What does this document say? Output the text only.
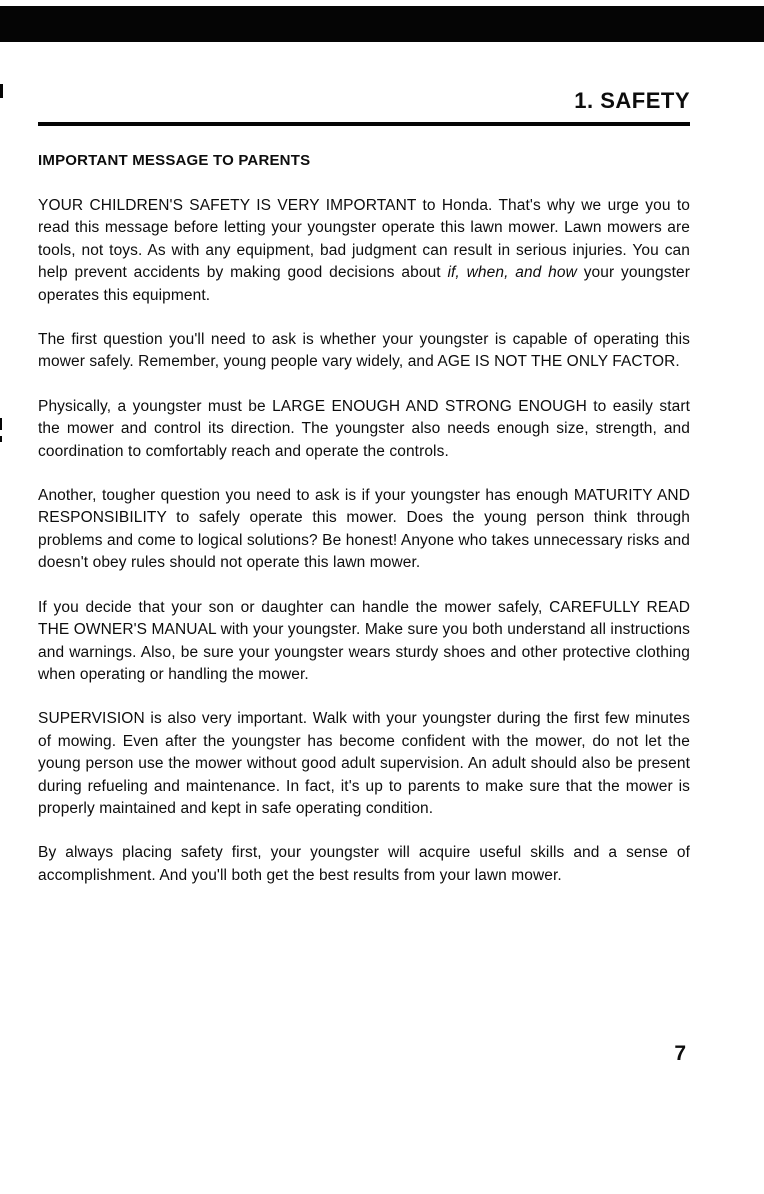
1. SAFETY
IMPORTANT MESSAGE TO PARENTS

YOUR CHILDREN'S SAFETY IS VERY IMPORTANT to Honda. That's why we urge you to read this message before letting your youngster operate this lawn mower. Lawn mowers are tools, not toys. As with any equipment, bad judgment can result in serious injuries. You can help prevent accidents by making good decisions about if, when, and how your youngster operates this equipment.

The first question you'll need to ask is whether your youngster is capable of operating this mower safely. Remember, young people vary widely, and AGE IS NOT THE ONLY FACTOR.

Physically, a youngster must be LARGE ENOUGH AND STRONG ENOUGH to easily start the mower and control its direction. The youngster also needs enough size, strength, and coordination to comfortably reach and operate the controls.

Another, tougher question you need to ask is if your youngster has enough MATURITY AND RESPONSIBILITY to safely operate this mower. Does the young person think through problems and come to logical solutions? Be honest! Anyone who takes unnecessary risks and doesn't obey rules should not operate this lawn mower.

If you decide that your son or daughter can handle the mower safely, CAREFULLY READ THE OWNER'S MANUAL with your youngster. Make sure you both understand all instructions and warnings. Also, be sure your youngster wears sturdy shoes and other protective clothing when operating or handling the mower.

SUPERVISION is also very important. Walk with your youngster during the first few minutes of mowing. Even after the youngster has become confident with the mower, do not let the young person use the mower without good adult supervision. An adult should also be present during refueling and maintenance. In fact, it's up to parents to make sure that the mower is properly maintained and kept in safe operating condition.

By always placing safety first, your youngster will acquire useful skills and a sense of accomplishment. And you'll both get the best results from your lawn mower.

7
